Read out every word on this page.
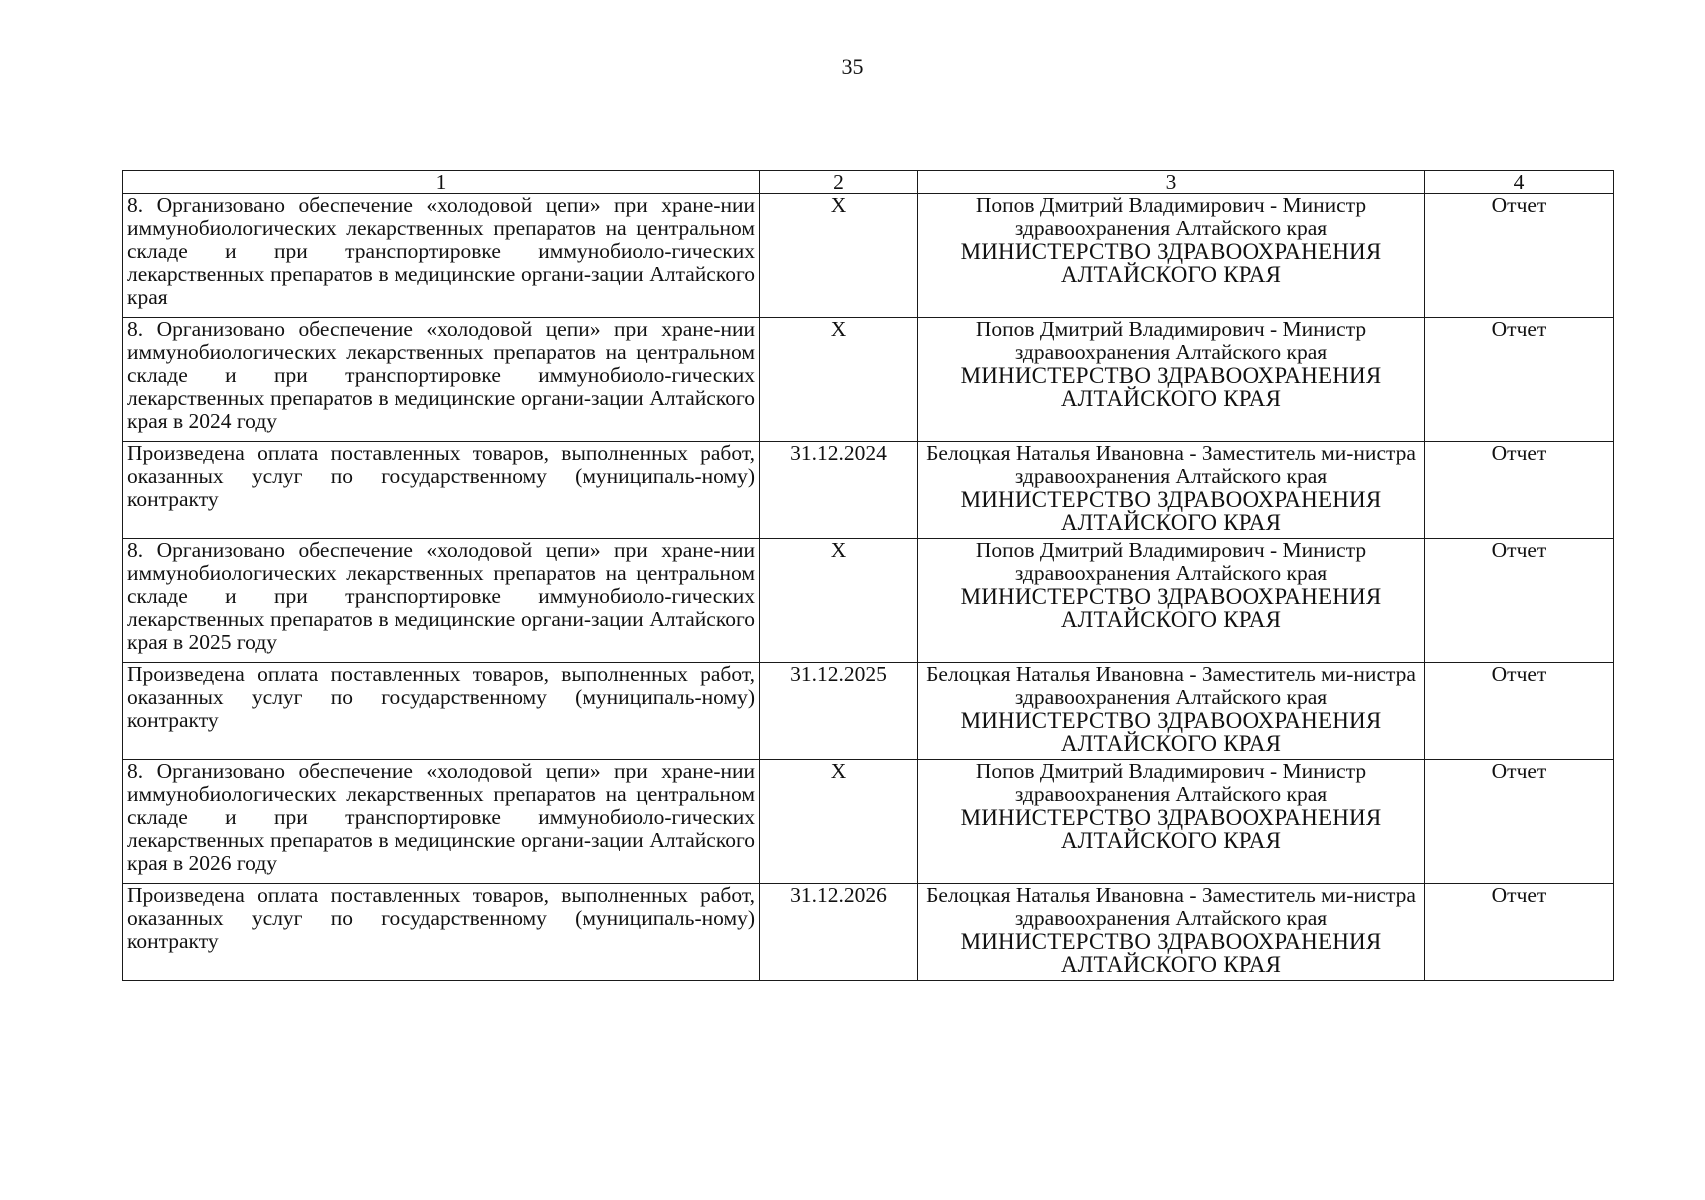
35
1	2	3	4
8. Организовано обеспечение «холодовой цепи» при хране-нии иммунобиологических лекарственных препаратов на центральном складе и при транспортировке иммунобиоло-гических лекарственных препаратов в медицинские органи-зации Алтайского края	X	Попов Дмитрий Владимирович - Министр здравоохранения Алтайского края
МИНИСТЕРСТВО ЗДРАВООХРАНЕНИЯ АЛТАЙСКОГО КРАЯ	Отчет
8. Организовано обеспечение «холодовой цепи» при хране-нии иммунобиологических лекарственных препаратов на центральном складе и при транспортировке иммунобиоло-гических лекарственных препаратов в медицинские органи-зации Алтайского края в 2024 году	X	Попов Дмитрий Владимирович - Министр здравоохранения Алтайского края
МИНИСТЕРСТВО ЗДРАВООХРАНЕНИЯ АЛТАЙСКОГО КРАЯ	Отчет
Произведена оплата поставленных товаров, выполненных работ, оказанных услуг по государственному (муниципаль-ному) контракту	31.12.2024	Белоцкая Наталья Ивановна - Заместитель ми-нистра здравоохранения Алтайского края
МИНИСТЕРСТВО ЗДРАВООХРАНЕНИЯ АЛТАЙСКОГО КРАЯ	Отчет
8. Организовано обеспечение «холодовой цепи» при хране-нии иммунобиологических лекарственных препаратов на центральном складе и при транспортировке иммунобиоло-гических лекарственных препаратов в медицинские органи-зации Алтайского края в 2025 году	X	Попов Дмитрий Владимирович - Министр здравоохранения Алтайского края
МИНИСТЕРСТВО ЗДРАВООХРАНЕНИЯ АЛТАЙСКОГО КРАЯ	Отчет
Произведена оплата поставленных товаров, выполненных работ, оказанных услуг по государственному (муниципаль-ному) контракту	31.12.2025	Белоцкая Наталья Ивановна - Заместитель ми-нистра здравоохранения Алтайского края
МИНИСТЕРСТВО ЗДРАВООХРАНЕНИЯ АЛТАЙСКОГО КРАЯ	Отчет
8. Организовано обеспечение «холодовой цепи» при хране-нии иммунобиологических лекарственных препаратов на центральном складе и при транспортировке иммунобиоло-гических лекарственных препаратов в медицинские органи-зации Алтайского края в 2026 году	X	Попов Дмитрий Владимирович - Министр здравоохранения Алтайского края
МИНИСТЕРСТВО ЗДРАВООХРАНЕНИЯ АЛТАЙСКОГО КРАЯ	Отчет
Произведена оплата поставленных товаров, выполненных работ, оказанных услуг по государственному (муниципаль-ному) контракту	31.12.2026	Белоцкая Наталья Ивановна - Заместитель ми-нистра здравоохранения Алтайского края
МИНИСТЕРСТВО ЗДРАВООХРАНЕНИЯ АЛТАЙСКОГО КРАЯ	Отчет
